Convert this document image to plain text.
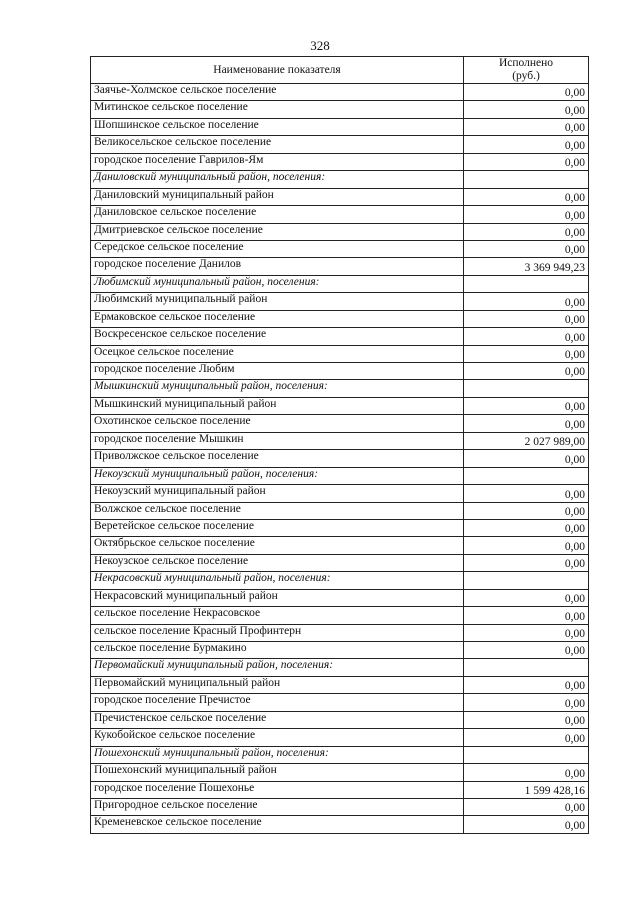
328
Наименование показателя	Исполнено
(руб.)

Заячье-Холмское сельское поселение	0,00
Митинское сельское поселение	0,00
Шопшинское сельское поселение	0,00
Великосельское сельское поселение	0,00
городское поселение Гаврилов-Ям	0,00
Даниловский муниципальный район, поселения:	
Даниловский муниципальный район	0,00
Даниловское сельское поселение	0,00
Дмитриевское сельское поселение	0,00
Середское сельское поселение	0,00
городское поселение Данилов	3 369 949,23
Любимский муниципальный район, поселения:	
Любимский муниципальный район	0,00
Ермаковское сельское поселение	0,00
Воскресенское сельское поселение	0,00
Осецкое сельское поселение	0,00
городское поселение Любим	0,00
Мышкинский муниципальный район, поселения:	
Мышкинский муниципальный район	0,00
Охотинское сельское поселение	0,00
городское поселение Мышкин	2 027 989,00
Приволжское сельское поселение	0,00
Некоузский муниципальный район, поселения:	
Некоузский муниципальный район	0,00
Волжское сельское поселение	0,00
Веретейское сельское поселение	0,00
Октябрьское сельское поселение	0,00
Некоузское сельское поселение	0,00
Некрасовский муниципальный район, поселения:	
Некрасовский муниципальный район	0,00
сельское поселение Некрасовское	0,00
сельское поселение Красный Профинтерн	0,00
сельское поселение Бурмакино	0,00
Первомайский муниципальный район, поселения:	
Первомайский муниципальный район	0,00
городское поселение Пречистое	0,00
Пречистенское сельское поселение	0,00
Кукобойское сельское поселение	0,00
Пошехонский муниципальный район, поселения:	
Пошехонский муниципальный район	0,00
городское поселение Пошехонье	1 599 428,16
Пригородное сельское поселение	0,00
Кременевское сельское поселение	0,00
